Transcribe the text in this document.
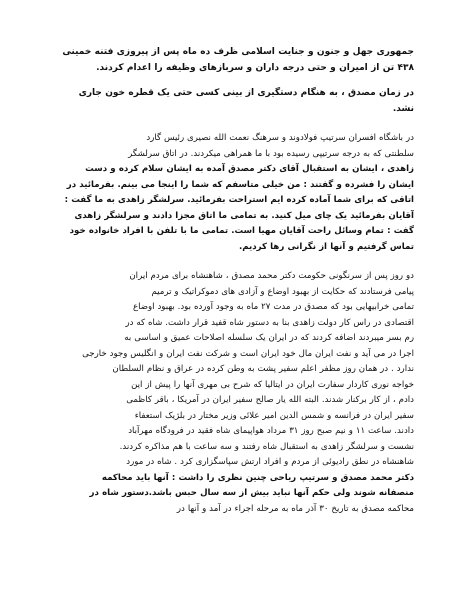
جمهوری جهل و جنون و جنایت اسلامی ظرف ده ماه پس از پیروزی فتنه خمینی
۴۳۸ تن از امیران و حتی درجه داران و سربازهای وظیفه را اعدام کردند.

در زمان مصدق ، به هنگام دستگیری از بینی کسی حتی یک قطره خون جاری
نشد.

در باشگاه افسران سرتیپ فولادوند و سرهنگ نعمت الله نصیری رئیس گارد
سلطنتی که به درجه سرتیپی رسیده بود با ما همراهی میکردند. در اتاق سرلشگر
زاهدی ، ایشان به استقبال آقای دکتر مصدق آمده به ایشان سلام کرده و دست
ایشان را فشرده و گفتند : من خیلی متاسفم که شما را اینجا می بینم. بفرمائید در
اتاقی که برای شما آماده کرده ایم استراحت بفرمائید. سرلشگر زاهدی به ما گفت :
آقایان بفرمائید یک چای میل کنید. به تمامی ما اتاق مجزا دادند و سرلشگر زاهدی
گفت : تمام وسائل راحت آقایان مهیا است. تمامی ما با تلفن با افراد خانواده خود
تماس گرفتیم و آنها از نگرانی رها کردیم.

دو روز پس از سرنگونی حکومت دکتر محمد مصدق ، شاهنشاه برای مردم ایران
پیامی فرستادند که حکایت از بهبود اوضاع و آزادی های دموکراتیک و ترمیم
تمامی خرابیهایی بود که مصدق در مدت ۲۷ ماه به وجود آورده بود. بهبود اوضاع
اقتصادی در راس کار دولت زاهدی بنا به دستور شاه قفید قرار داشت. شاه که در
رم بسر میبردند اضافه کردند که در ایران یک سلسله اصلاحات عمیق و اساسی به
اجرا در می آید و نفت ایران مال خود ایران است و شرکت نفت ایران و انگلیس وجود خارجی
ندارد . در همان روز مظفر اعلم سفیر پشت به وطن کرده در عراق و نظام السلطان
خواجه نوری کاردار سفارت ایران در ایتالیا که شرح بی مهری آنها را پیش از این
دادم ، از کار برکنار شدند. البته الله یار صالح سفیر ایران در آمریکا ، باقر کاظمی
سفیر ایران در فرانسه و شمس الدین امیر علائی وزیر مختار در بلژیک استعفاء
دادند. ساعت ۱۱ و نیم صبح روز ۳۱ مرداد هواپیمای شاه فقید در فرودگاه مهرآباد
نشست و سرلشگر زاهدی به استقبال شاه رفتند و سه ساعت با هم مذاکره کردند.
شاهنشاه در نطق رادیوئی از مردم و افراد ارتش سپاسگزاری کرد . شاه در مورد
دکتر محمد مصدق و سرتیپ ریاحی چنین نظری را داشت : آنها باید محاکمه
منصفانه شوند ولی حکم آنها نباید بیش از سه سال حبس باشد.دستور شاه در
محاکمه مصدق به تاریخ ۳۰ آذر ماه به مرحله اجراء در آمد و آنها در
